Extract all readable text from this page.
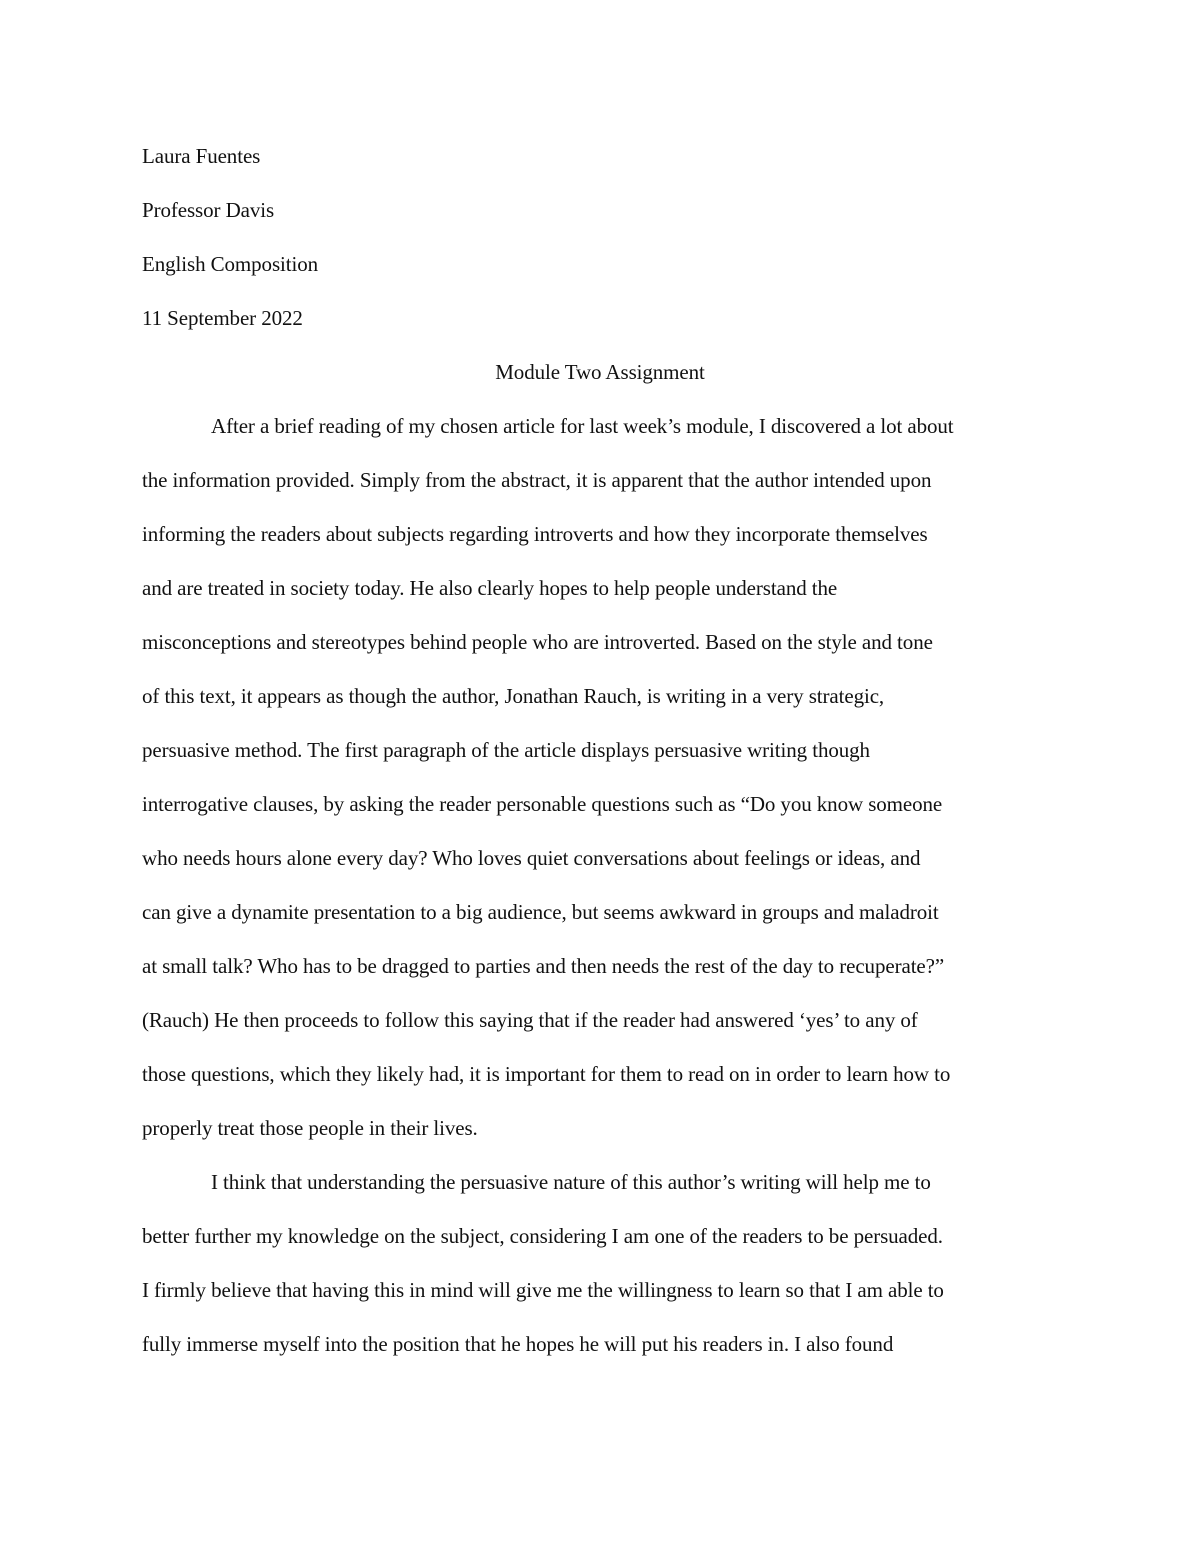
Laura Fuentes
Professor Davis
English Composition
11 September 2022
Module Two Assignment
After a brief reading of my chosen article for last week’s module, I discovered a lot about
the information provided. Simply from the abstract, it is apparent that the author intended upon
informing the readers about subjects regarding introverts and how they incorporate themselves
and are treated in society today. He also clearly hopes to help people understand the
misconceptions and stereotypes behind people who are introverted. Based on the style and tone
of this text, it appears as though the author, Jonathan Rauch, is writing in a very strategic,
persuasive method. The first paragraph of the article displays persuasive writing though
interrogative clauses, by asking the reader personable questions such as “Do you know someone
who needs hours alone every day? Who loves quiet conversations about feelings or ideas, and
can give a dynamite presentation to a big audience, but seems awkward in groups and maladroit
at small talk? Who has to be dragged to parties and then needs the rest of the day to recuperate?”
(Rauch) He then proceeds to follow this saying that if the reader had answered ‘yes’ to any of
those questions, which they likely had, it is important for them to read on in order to learn how to
properly treat those people in their lives.
I think that understanding the persuasive nature of this author’s writing will help me to
better further my knowledge on the subject, considering I am one of the readers to be persuaded.
I firmly believe that having this in mind will give me the willingness to learn so that I am able to
fully immerse myself into the position that he hopes he will put his readers in. I also found
